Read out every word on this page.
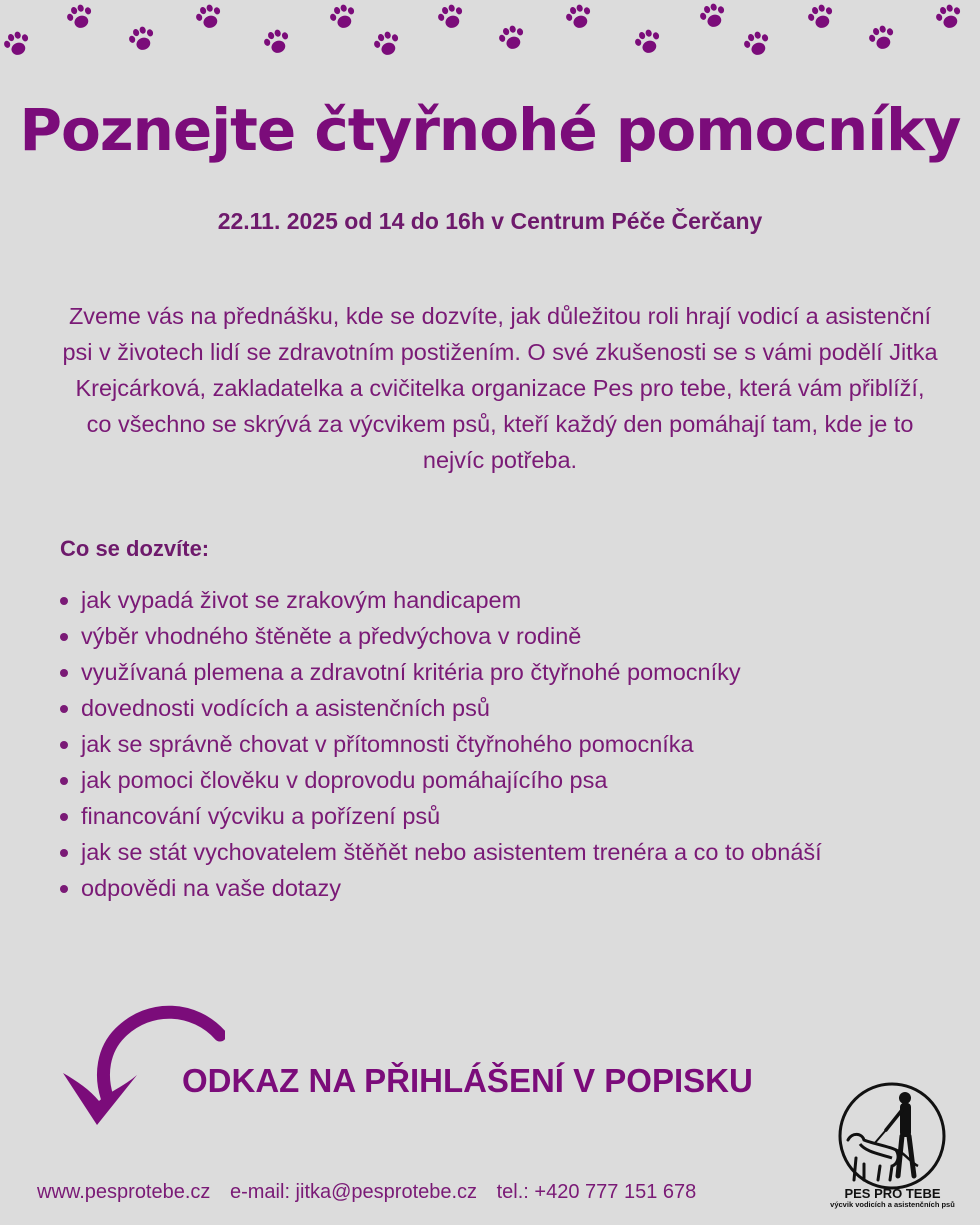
Poznejte čtyřnohé pomocníky
22.11. 2025 od 14 do 16h v Centrum Péče Čerčany
Zveme vás na přednášku, kde se dozvíte, jak důležitou roli hrají vodicí a asistenční psi v životech lidí se zdravotním postižením. O své zkušenosti se s vámi podělí Jitka Krejcárková, zakladatelka a cvičitelka organizace Pes pro tebe, která vám přiblíží, co všechno se skrývá za výcvikem psů, kteří každý den pomáhají tam, kde je to nejvíc potřeba.
Co se dozvíte:
jak vypadá život se zrakovým handicapem
výběr vhodného štěněte a předvýchova v rodině
využívaná plemena a zdravotní kritéria pro čtyřnohé pomocníky
dovednosti vodících a asistenčních psů
jak se správně chovat v přítomnosti čtyřnohého pomocníka
jak pomoci člověku v doprovodu pomáhajícího psa
financování výcviku a pořízení psů
jak se stát vychovatelem štěňět nebo asistentem trenéra a co to obnáší
odpovědi na vaše dotazy
ODKAZ NA PŘIHLÁŠENÍ V POPISKU
www.pesprotebe.cz e-mail: jitka@pesprotebe.cz tel.: +420 777 151 678	PES PRO TEBE
výcvik vodicích a asistenčních psů
